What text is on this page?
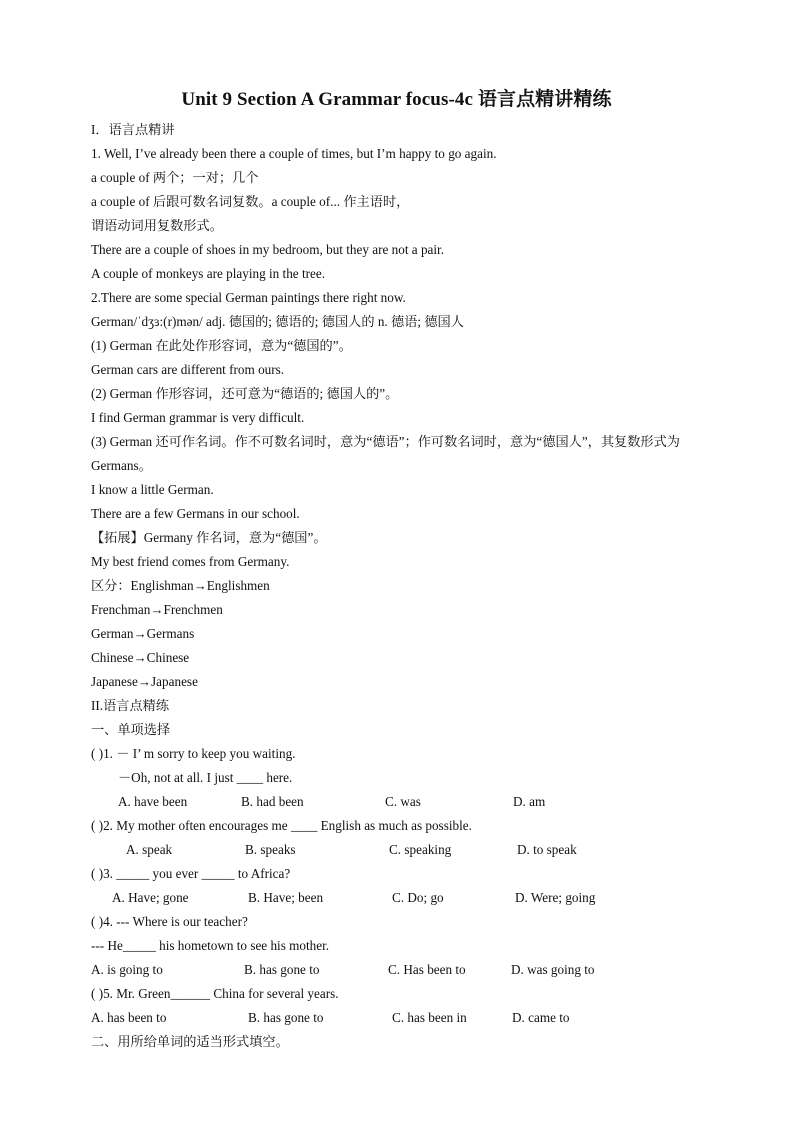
Unit 9 Section A Grammar focus-4c 语言点精讲精练
I．语言点精讲
1. Well, I’ve already been there a couple of times, but I’m happy to go again.
a couple of 两个；一对；几个
a couple of 后跟可数名词复数。a couple of... 作主语时，
谓语动词用复数形式。
There are a couple of shoes in my bedroom, but they are not a pair.
A couple of monkeys are playing in the tree.
2.There are some special German paintings there right now.
German/ˈdʒɜ:(r)mən/ adj. 德国的; 德语的; 德国人的 n. 德语; 德国人
(1) German 在此处作形容词，意为“德国的”。
German cars are different from ours.
(2) German 作形容词，还可意为“德语的; 德国人的”。
I find German grammar is very difficult.
(3) German 还可作名词。作不可数名词时，意为“德语”；作可数名词时，意为“德国人”，其复数形式为 Germans。
I know a little German.
There are a few Germans in our school.
【拓展】Germany 作名词，意为“德国”。
My best friend comes from Germany.
区分：Englishman→Englishmen
Frenchman→Frenchmen
German→Germans
Chinese→Chinese
Japanese→Japanese
II.语言点精练
一、单项选择
( )1. － I’ m sorry to keep you waiting.
－Oh, not at all. I just ____ here.
A. have been	B. had been	C. was	D. am
( )2. My mother often encourages me ____ English as much as possible.
A. speak	B. speaks	C. speaking	D. to speak
( )3. _____ you ever _____ to Africa?
A. Have; gone	B. Have; been	C. Do; go	D. Were; going
( )4. --- Where is our teacher?
--- He_____ his hometown to see his mother.
A. is going to	B. has gone to	C. Has been to	D. was going to
( )5. Mr. Green______ China for several years.
A. has been to	B. has gone to	C. has been in	D. came to
二、用所给单词的适当形式填空。
